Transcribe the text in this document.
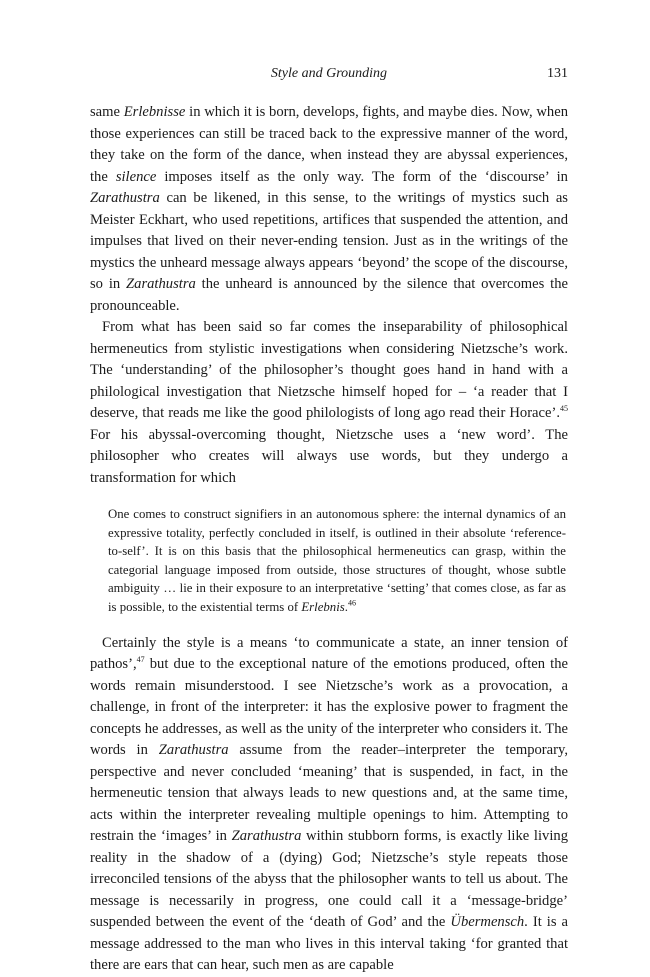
Style and Grounding	131

same Erlebnisse in which it is born, develops, fights, and maybe dies. Now, when those experiences can still be traced back to the expressive manner of the word, they take on the form of the dance, when instead they are abyssal experiences, the silence imposes itself as the only way. The form of the ‘discourse’ in Zarathustra can be likened, in this sense, to the writings of mystics such as Meister Eckhart, who used repetitions, artifices that suspended the attention, and impulses that lived on their never-ending tension. Just as in the writings of the mystics the unheard message always appears ‘beyond’ the scope of the discourse, so in Zarathustra the unheard is announced by the silence that overcomes the pronounceable.

From what has been said so far comes the inseparability of philosophical hermeneutics from stylistic investigations when considering Nietzsche’s work. The ‘understanding’ of the philosopher’s thought goes hand in hand with a philological investigation that Nietzsche himself hoped for – ‘a reader that I deserve, that reads me like the good philologists of long ago read their Horace’.$^{45}$ For his abyssal-overcoming thought, Nietzsche uses a ‘new word’. The philosopher who creates will always use words, but they undergo a transformation for which

One comes to construct signifiers in an autonomous sphere: the internal dynamics of an expressive totality, perfectly concluded in itself, is outlined in their absolute ‘reference-to-self’. It is on this basis that the philosophical hermeneutics can grasp, within the categorial language imposed from outside, those structures of thought, whose subtle ambiguity … lie in their exposure to an interpretative ‘setting’ that comes close, as far as is possible, to the existential terms of Erlebnis.$^{46}$

Certainly the style is a means ‘to communicate a state, an inner tension of pathos’,$^{47}$ but due to the exceptional nature of the emotions produced, often the words remain misunderstood. I see Nietzsche’s work as a provocation, a challenge, in front of the interpreter: it has the explosive power to fragment the concepts he addresses, as well as the unity of the interpreter who considers it. The words in Zarathustra assume from the reader–interpreter the temporary, perspective and never concluded ‘meaning’ that is suspended, in fact, in the hermeneutic tension that always leads to new questions and, at the same time, acts within the interpreter revealing multiple openings to him. Attempting to restrain the ‘images’ in Zarathustra within stubborn forms, is exactly like living reality in the shadow of a (dying) God; Nietzsche’s style repeats those irreconciled tensions of the abyss that the philosopher wants to tell us about. The message is necessarily in progress, one could call it a ‘message-bridge’ suspended between the event of the ‘death of God’ and the Übermensch. It is a message addressed to the man who lives in this interval taking ‘for granted that there are ears that can hear, such men as are capable
